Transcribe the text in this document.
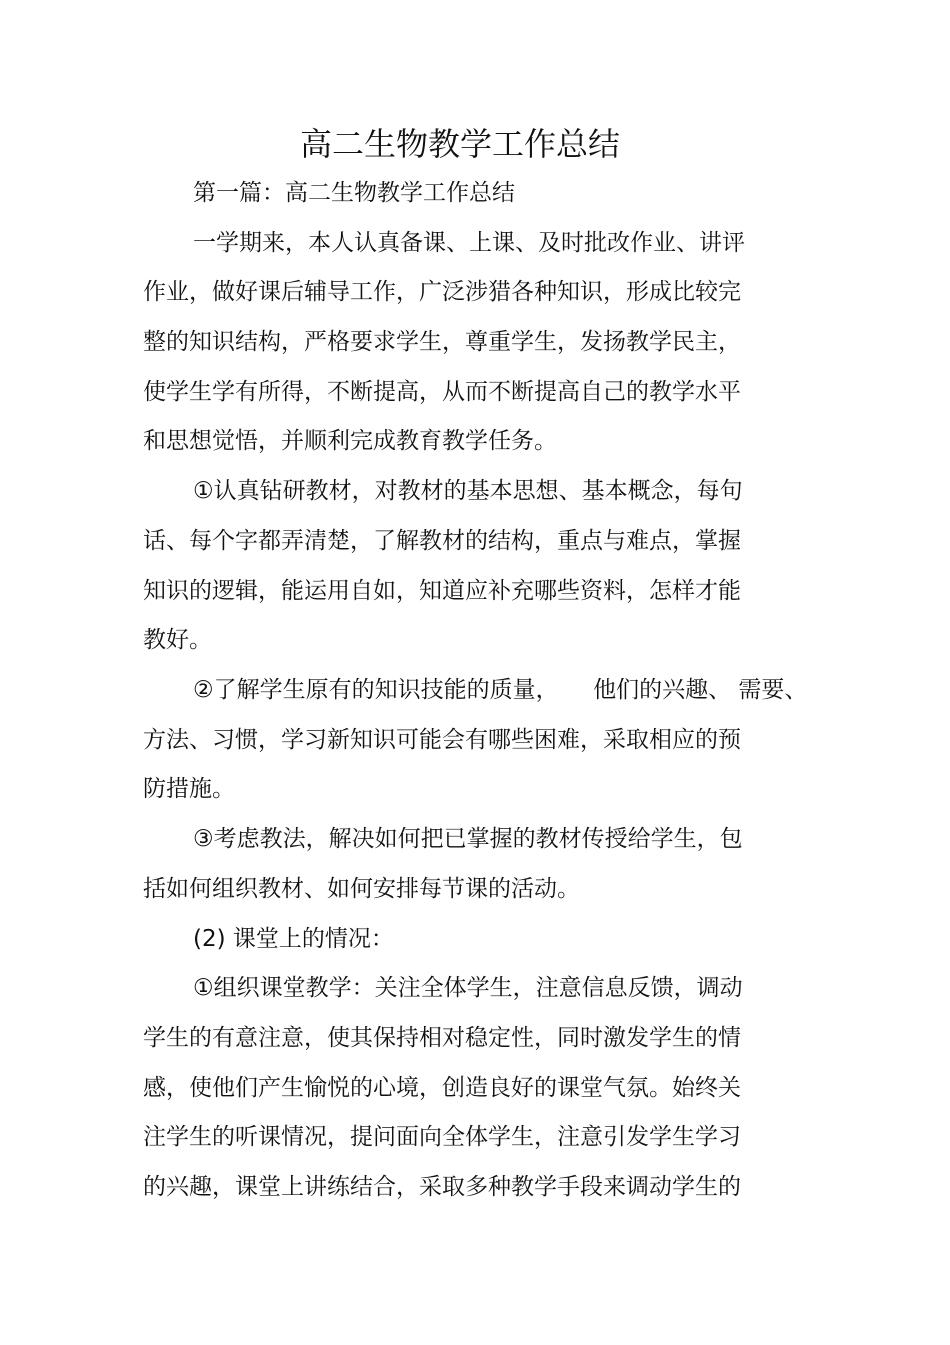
高二生物教学工作总结
第一篇：高二生物教学工作总结
一学期来，本人认真备课、上课、及时批改作业、讲评
作业，做好课后辅导工作，广泛涉猎各种知识，形成比较完
整的知识结构，严格要求学生，尊重学生，发扬教学民主，
使学生学有所得，不断提高，从而不断提高自己的教学水平
和思想觉悟，并顺利完成教育教学任务。
①认真钻研教材，对教材的基本思想、基本概念，每句
话、每个字都弄清楚，了解教材的结构，重点与难点，掌握
知识的逻辑，能运用自如，知道应补充哪些资料，怎样才能
教好。
②了解学生原有的知识技能的质量，　　他们的兴趣、 需要、
方法、习惯，学习新知识可能会有哪些困难，采取相应的预
防措施。
③考虑教法，解决如何把已掌握的教材传授给学生，包
括如何组织教材、如何安排每节课的活动。
(2) 课堂上的情况：
①组织课堂教学：关注全体学生，注意信息反馈，调动
学生的有意注意，使其保持相对稳定性，同时激发学生的情
感，使他们产生愉悦的心境，创造良好的课堂气氛。始终关
注学生的听课情况，提问面向全体学生，注意引发学生学习
的兴趣，课堂上讲练结合，采取多种教学手段来调动学生的
